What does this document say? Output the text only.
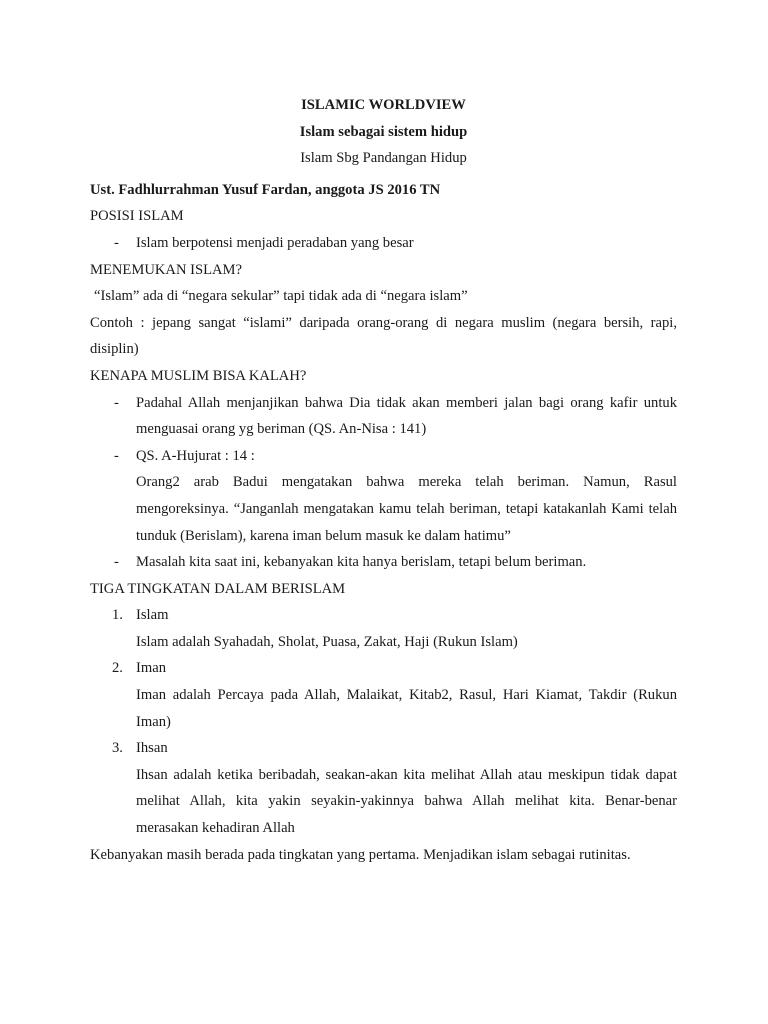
ISLAMIC WORLDVIEW
Islam sebagai sistem hidup
Islam Sbg Pandangan Hidup
Ust. Fadhlurrahman Yusuf Fardan, anggota JS 2016 TN
POSISI ISLAM
-	Islam berpotensi menjadi peradaban yang besar
MENEMUKAN ISLAM?
“Islam” ada di “negara sekular” tapi tidak ada di “negara islam”
Contoh : jepang sangat “islami” daripada orang-orang di negara muslim (negara bersih, rapi, disiplin)
KENAPA MUSLIM BISA KALAH?
-	Padahal Allah menjanjikan bahwa Dia tidak akan memberi jalan bagi orang kafir untuk menguasai orang yg beriman (QS. An-Nisa : 141)
-	QS. A-Hujurat : 14 :

Orang2 arab Badui mengatakan bahwa mereka telah beriman. Namun, Rasul mengoreksinya. “Janganlah mengatakan kamu telah beriman, tetapi katakanlah Kami telah tunduk (Berislam), karena iman belum masuk ke dalam hatimu”

-	Masalah kita saat ini, kebanyakan kita hanya berislam, tetapi belum beriman.
TIGA TINGKATAN DALAM BERISLAM
1. Islam

Islam adalah Syahadah, Sholat, Puasa, Zakat, Haji (Rukun Islam)

2. Iman

Iman adalah Percaya pada Allah, Malaikat, Kitab2, Rasul, Hari Kiamat, Takdir (Rukun Iman)

3. Ihsan

Ihsan adalah ketika beribadah, seakan-akan kita melihat Allah atau meskipun tidak dapat melihat Allah, kita yakin seyakin-yakinnya bahwa Allah melihat kita. Benar-benar merasakan kehadiran Allah

Kebanyakan masih berada pada tingkatan yang pertama. Menjadikan islam sebagai rutinitas.
